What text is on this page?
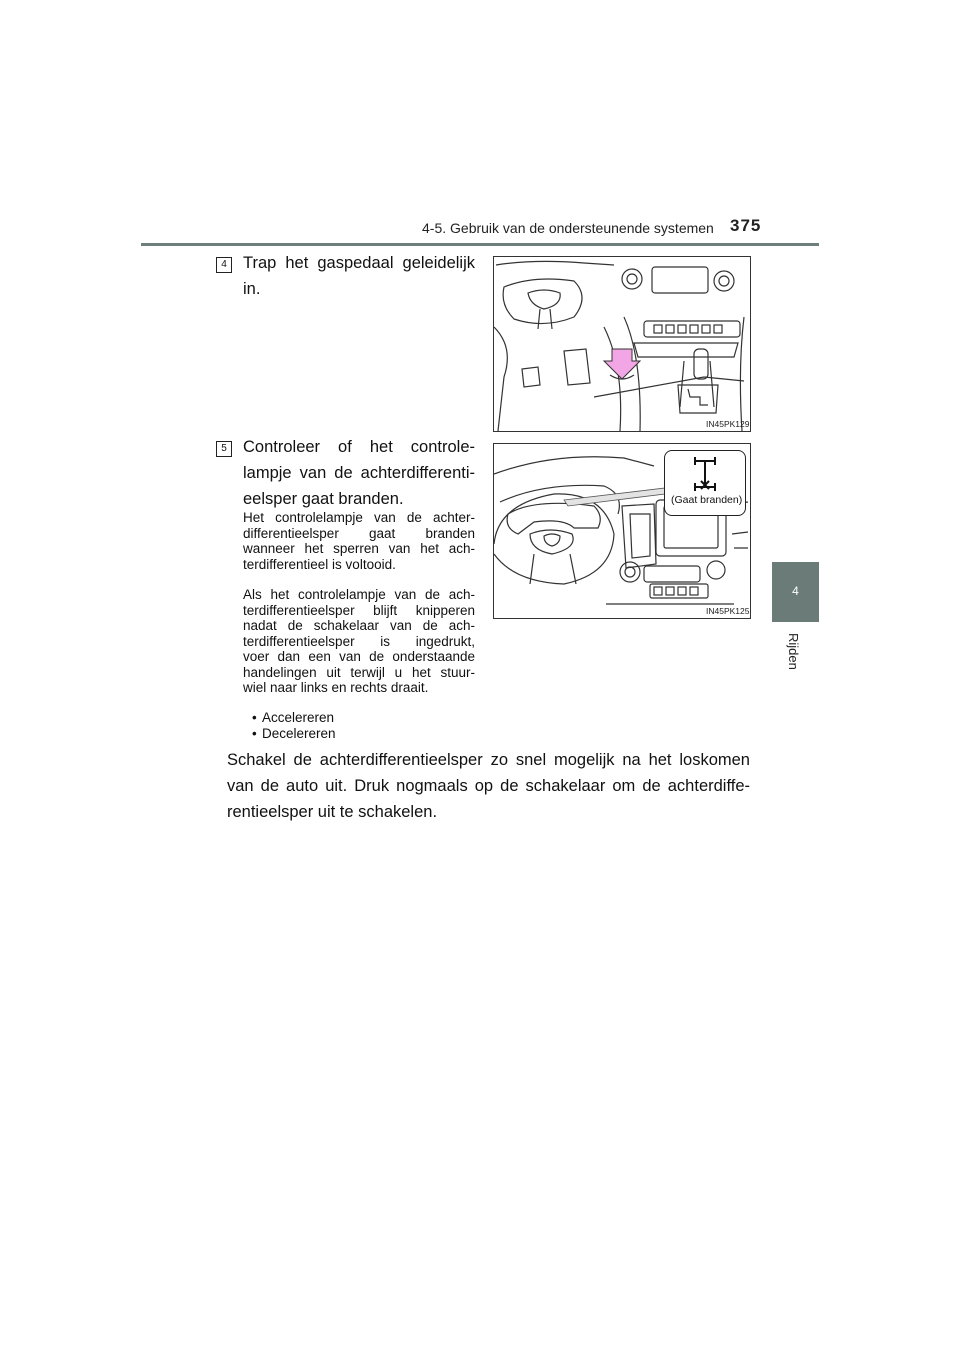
4-5. Gebruik van de ondersteunende systemen 375
4
Rijden
4 Trap het gaspedaal geleidelijk
in.
IN45PK129
5 Controleer of het controle-
lampje van de achterdifferenti-
eelsper gaat branden.
Het controlelampje van de achter-
differentieelsper gaat branden
wanneer het sperren van het ach-
terdifferentieel is voltooid.
Als het controlelampje van de ach-
terdifferentieelsper blijft knipperen
nadat de schakelaar van de ach-
terdifferentieelsper is ingedrukt,
voer dan een van de onderstaande
handelingen uit terwijl u het stuur-
wiel naar links en rechts draait.
• Accelereren
• Decelereren
IN45PK125
(Gaat branden)
Schakel de achterdifferentieelsper zo snel mogelijk na het loskomen
van de auto uit. Druk nogmaals op de schakelaar om de achterdiffe-
rentieelsper uit te schakelen.
